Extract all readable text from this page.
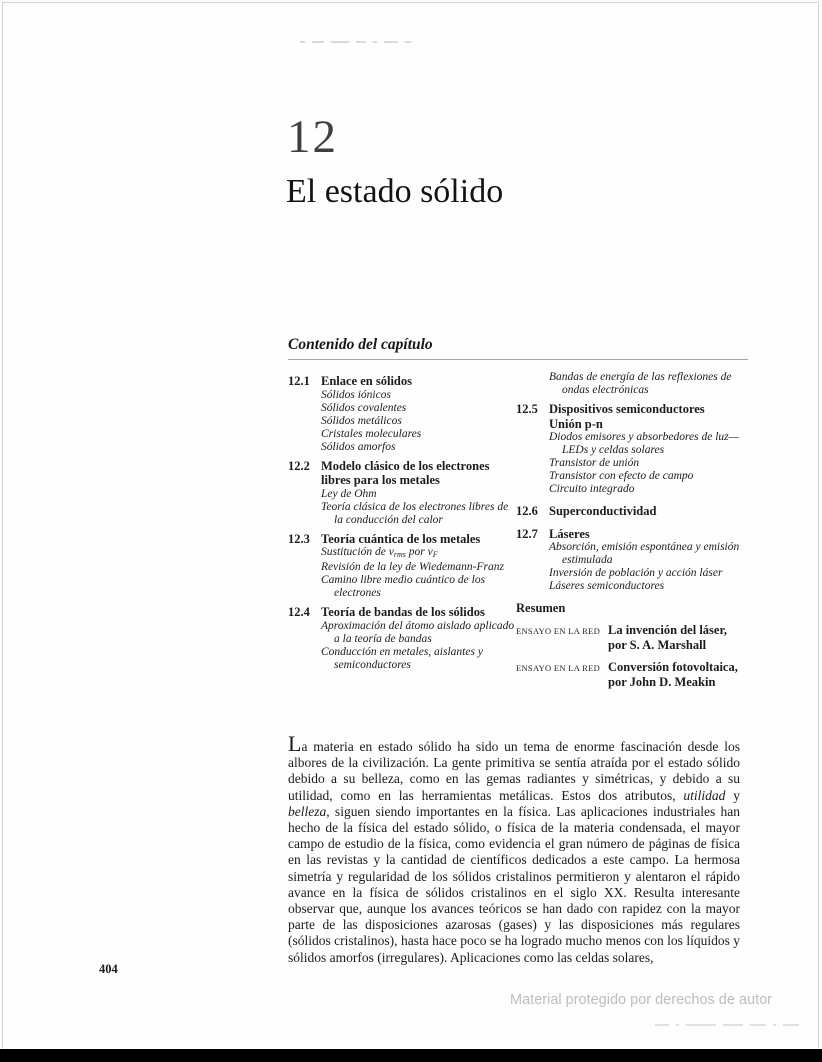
12
El estado sólido
Contenido del capítulo
12.1 Enlace en sólidos
Sólidos iónicos
Sólidos covalentes
Sólidos metálicos
Cristales moleculares
Sólidos amorfos
12.2 Modelo clásico de los electrones libres para los metales
Ley de Ohm
Teoría clásica de los electrones libres de la conducción del calor
12.3 Teoría cuántica de los metales
Sustitución de vrms por vF
Revisión de la ley de Wiedemann-Franz
Camino libre medio cuántico de los electrones
12.4 Teoría de bandas de los sólidos
Aproximación del átomo aislado aplicado a la teoría de bandas
Conducción en metales, aislantes y semiconductores
Bandas de energía de las reflexiones de ondas electrónicas
12.5 Dispositivos semiconductores
Unión p-n
Diodos emisores y absorbedores de luz— LEDs y celdas solares
Transistor de unión
Transistor con efecto de campo
Circuito integrado
12.6 Superconductividad
12.7 Láseres
Absorción, emisión espontánea y emisión estimulada
Inversión de población y acción láser
Láseres semiconductores
Resumen
ENSAYO EN LA RED La invención del láser, por S. A. Marshall
ENSAYO EN LA RED Conversión fotovoltaica, por John D. Meakin
La materia en estado sólido ha sido un tema de enorme fascinación desde los albores de la civilización. La gente primitiva se sentía atraída por el estado sólido debido a su belleza, como en las gemas radiantes y simétricas, y debido a su utilidad, como en las herramientas metálicas. Estos dos atributos, utilidad y belleza, siguen siendo importantes en la física. Las aplicaciones industriales han hecho de la física del estado sólido, o física de la materia condensada, el mayor campo de estudio de la física, como evidencia el gran número de páginas de física en las revistas y la cantidad de científicos dedicados a este campo. La hermosa simetría y regularidad de los sólidos cristalinos permitieron y alentaron el rápido avance en la física de sólidos cristalinos en el siglo XX. Resulta interesante observar que, aunque los avances teóricos se han dado con rapidez con la mayor parte de las disposiciones azarosas (gases) y las disposiciones más regulares (sólidos cristalinos), hasta hace poco se ha logrado mucho menos con los líquidos y sólidos amorfos (irregulares). Aplicaciones como las celdas solares,
404
Material protegido por derechos de autor
